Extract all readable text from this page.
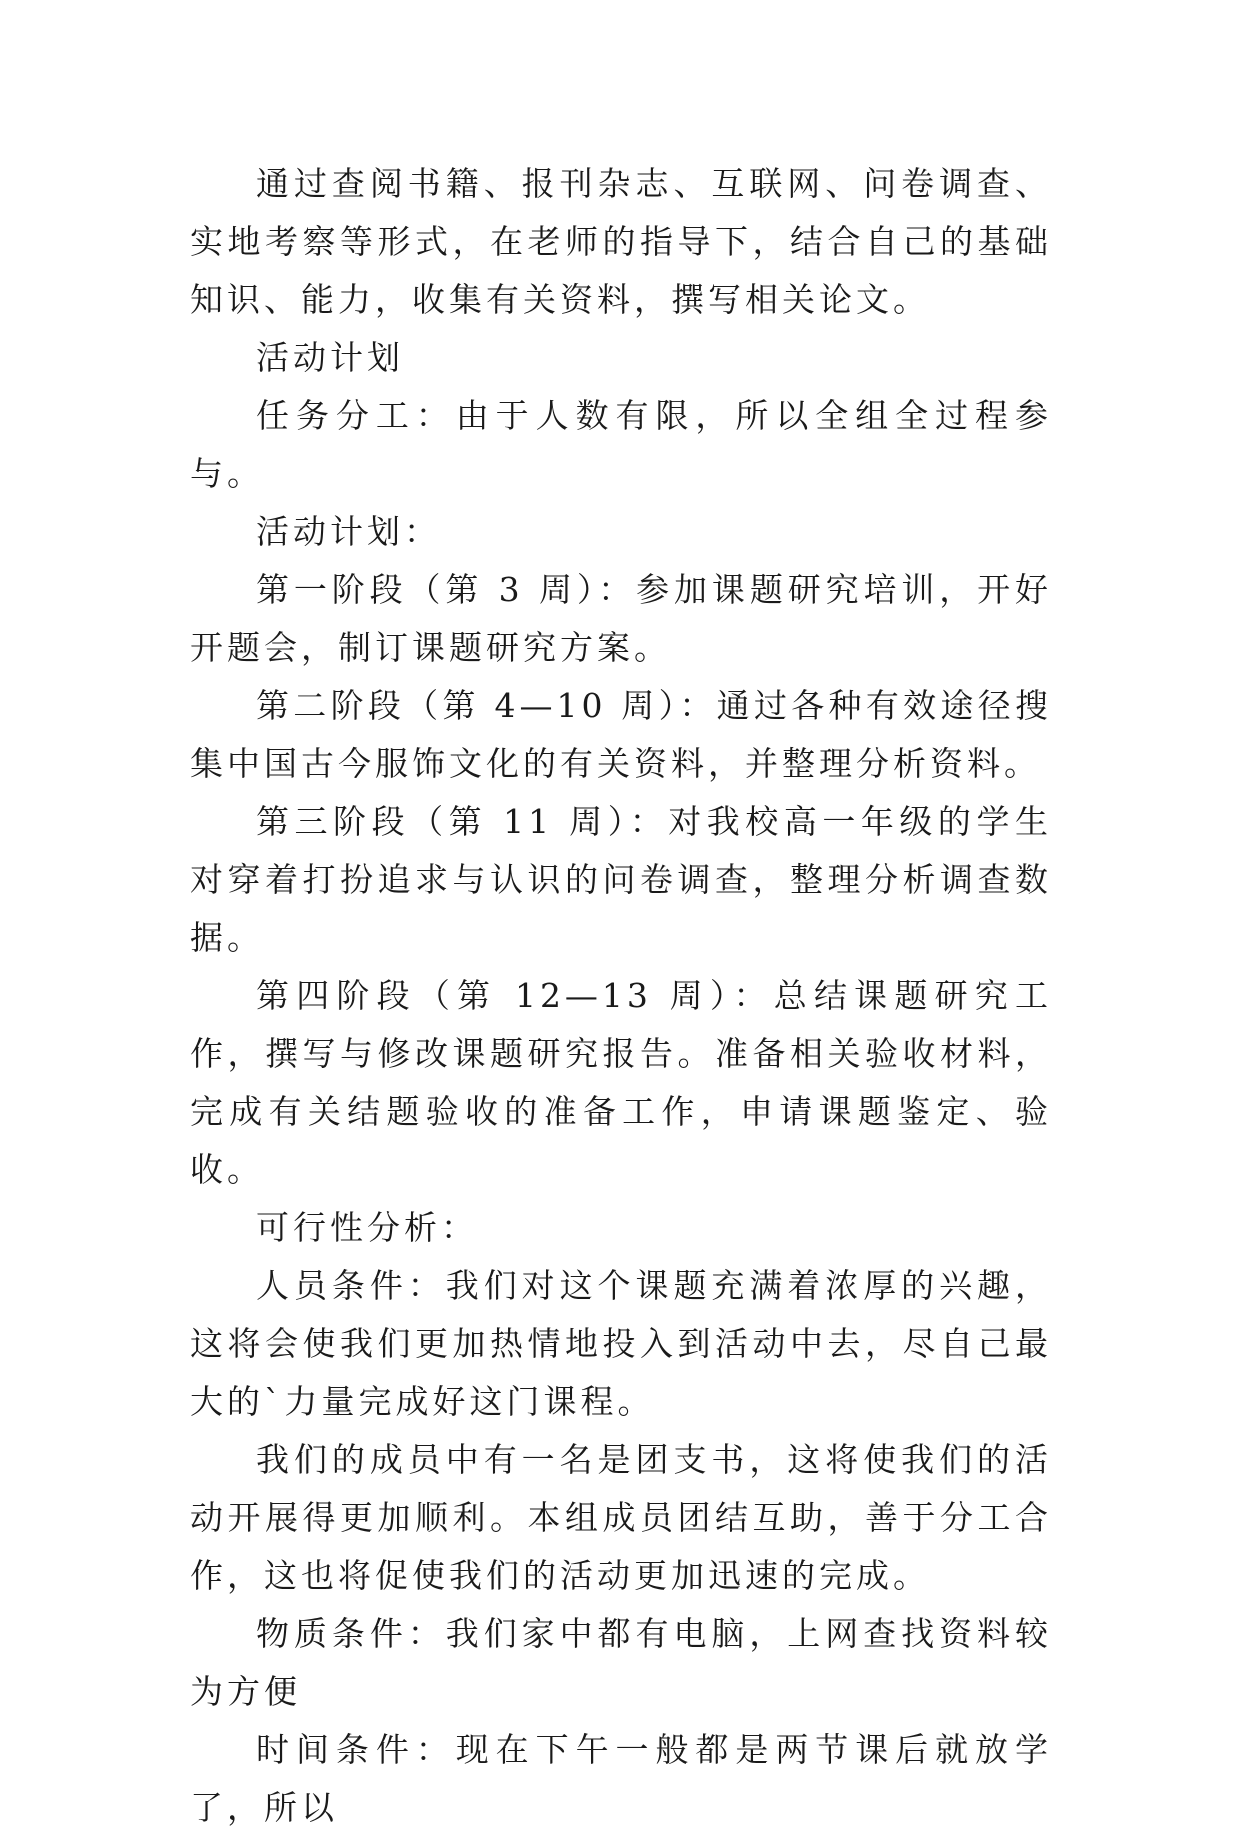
通过查阅书籍、报刊杂志、互联网、问卷调查、实地考察等形式，在老师的指导下，结合自己的基础知识、能力，收集有关资料，撰写相关论文。

活动计划

任务分工：由于人数有限，所以全组全过程参与。

活动计划：

第一阶段（第 3 周）：参加课题研究培训，开好开题会，制订课题研究方案。

第二阶段（第 4—10 周）：通过各种有效途径搜集中国古今服饰文化的有关资料，并整理分析资料。

第三阶段（第 11 周）：对我校高一年级的学生对穿着打扮追求与认识的问卷调查，整理分析调查数据。

第四阶段（第 12—13 周）：总结课题研究工作，撰写与修改课题研究报告。准备相关验收材料，完成有关结题验收的准备工作，申请课题鉴定、验收。

可行性分析：

人员条件：我们对这个课题充满着浓厚的兴趣，这将会使我们更加热情地投入到活动中去，尽自己最大的`力量完成好这门课程。

我们的成员中有一名是团支书，这将使我们的活动开展得更加顺利。本组成员团结互助，善于分工合作，这也将促使我们的活动更加迅速的完成。

物质条件：我们家中都有电脑，上网查找资料较为方便

时间条件：现在下午一般都是两节课后就放学了，所以
